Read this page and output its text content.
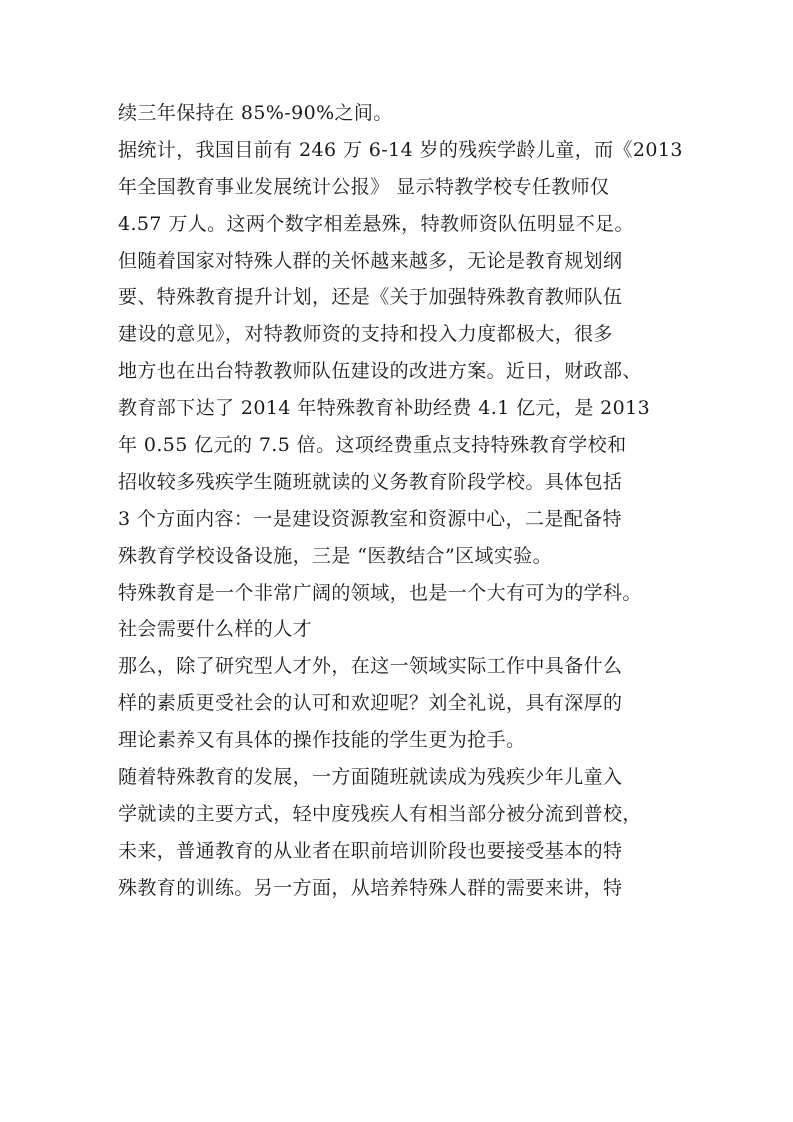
续三年保持在 85%-90%之间。
据统计，我国目前有 246 万 6-14 岁的残疾学龄儿童，而《2013
年全国教育事业发展统计公报》 显示特教学校专任教师仅
4.57 万人。这两个数字相差悬殊，特教师资队伍明显不足。
但随着国家对特殊人群的关怀越来越多，无论是教育规划纲
要、特殊教育提升计划，还是《关于加强特殊教育教师队伍
建设的意见》，对特教师资的支持和投入力度都极大，很多
地方也在出台特教教师队伍建设的改进方案。近日，财政部、
教育部下达了 2014 年特殊教育补助经费 4.1 亿元，是 2013
年 0.55 亿元的 7.5 倍。这项经费重点支持特殊教育学校和
招收较多残疾学生随班就读的义务教育阶段学校。具体包括
3 个方面内容：一是建设资源教室和资源中心，二是配备特
殊教育学校设备设施，三是 “医教结合”区域实验。
特殊教育是一个非常广阔的领域，也是一个大有可为的学科。
社会需要什么样的人才
那么，除了研究型人才外，在这一领域实际工作中具备什么
样的素质更受社会的认可和欢迎呢？刘全礼说，具有深厚的
理论素养又有具体的操作技能的学生更为抢手。
随着特殊教育的发展，一方面随班就读成为残疾少年儿童入
学就读的主要方式，轻中度残疾人有相当部分被分流到普校，
未来，普通教育的从业者在职前培训阶段也要接受基本的特
殊教育的训练。另一方面，从培养特殊人群的需要来讲，特
